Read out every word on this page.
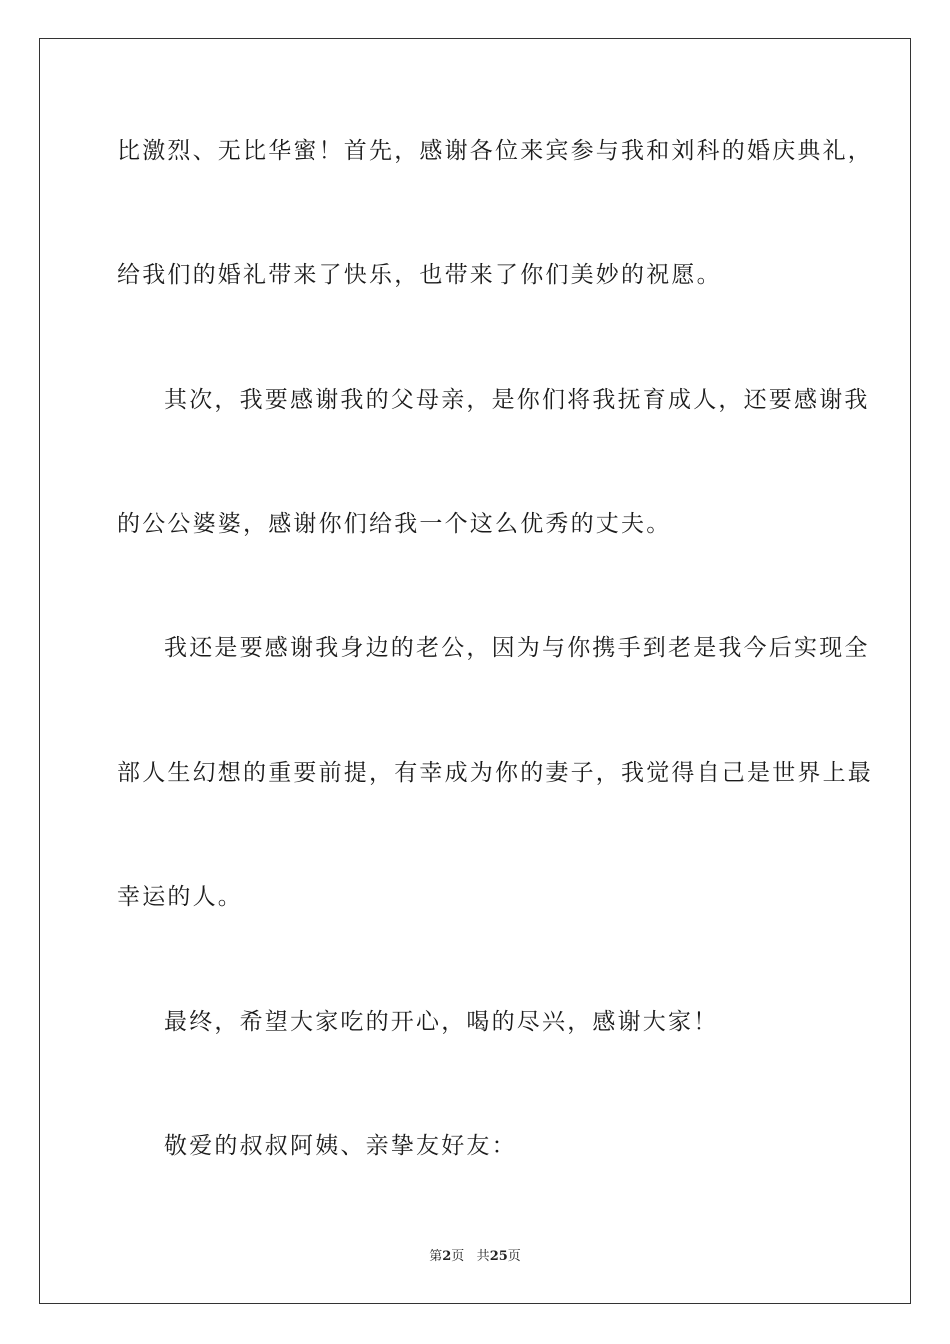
比激烈、无比华蜜！首先，感谢各位来宾参与我和刘科的婚庆典礼，
给我们的婚礼带来了快乐，也带来了你们美妙的祝愿。
其次，我要感谢我的父母亲，是你们将我抚育成人，还要感谢我
的公公婆婆，感谢你们给我一个这么优秀的丈夫。
我还是要感谢我身边的老公，因为与你携手到老是我今后实现全
部人生幻想的重要前提，有幸成为你的妻子，我觉得自己是世界上最
幸运的人。
最终，希望大家吃的开心，喝的尽兴，感谢大家！
敬爱的叔叔阿姨、亲挚友好友：
第2页 共25页
